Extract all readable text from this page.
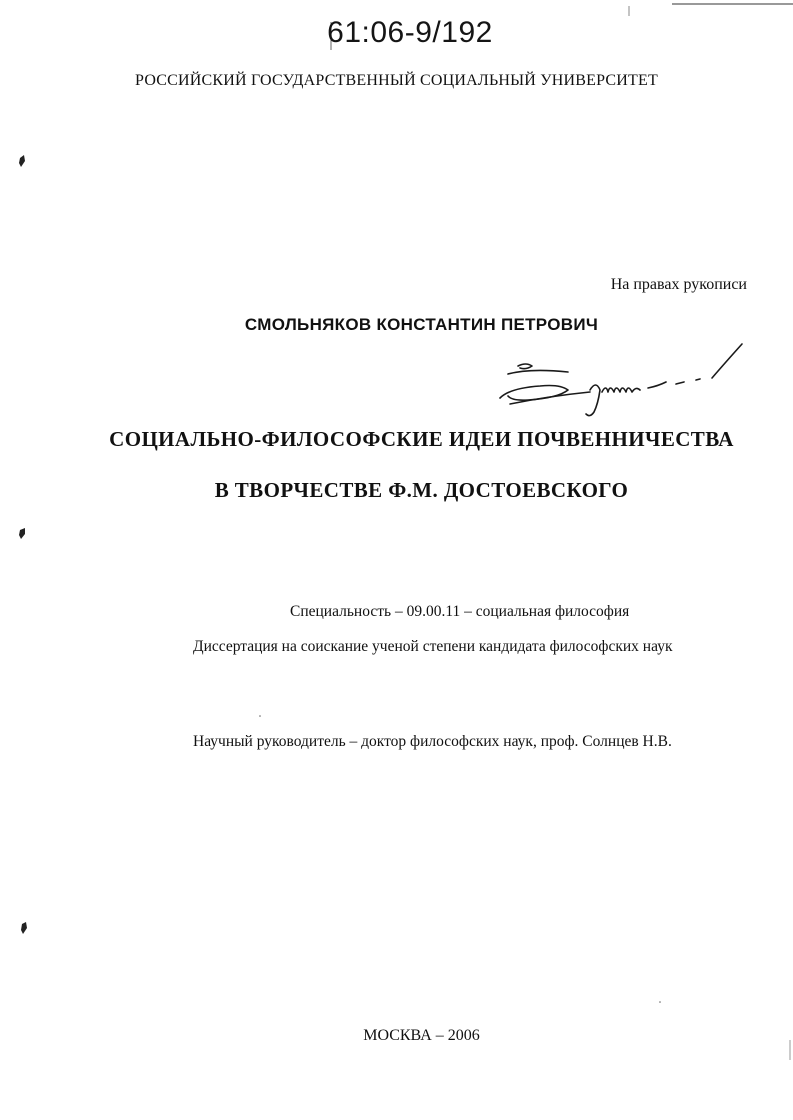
61:06-9/192
РОССИЙСКИЙ ГОСУДАРСТВЕННЫЙ СОЦИАЛЬНЫЙ УНИВЕРСИТЕТ
На правах рукописи
СМОЛЬНЯКОВ КОНСТАНТИН ПЕТРОВИЧ
СОЦИАЛЬНО-ФИЛОСОФСКИЕ ИДЕИ ПОЧВЕННИЧЕСТВА
В ТВОРЧЕСТВЕ Ф.М. ДОСТОЕВСКОГО
Специальность – 09.00.11 – социальная философия
Диссертация на соискание ученой степени кандидата философских наук
Научный руководитель – доктор философских наук, проф. Солнцев Н.В.
МОСКВА – 2006
